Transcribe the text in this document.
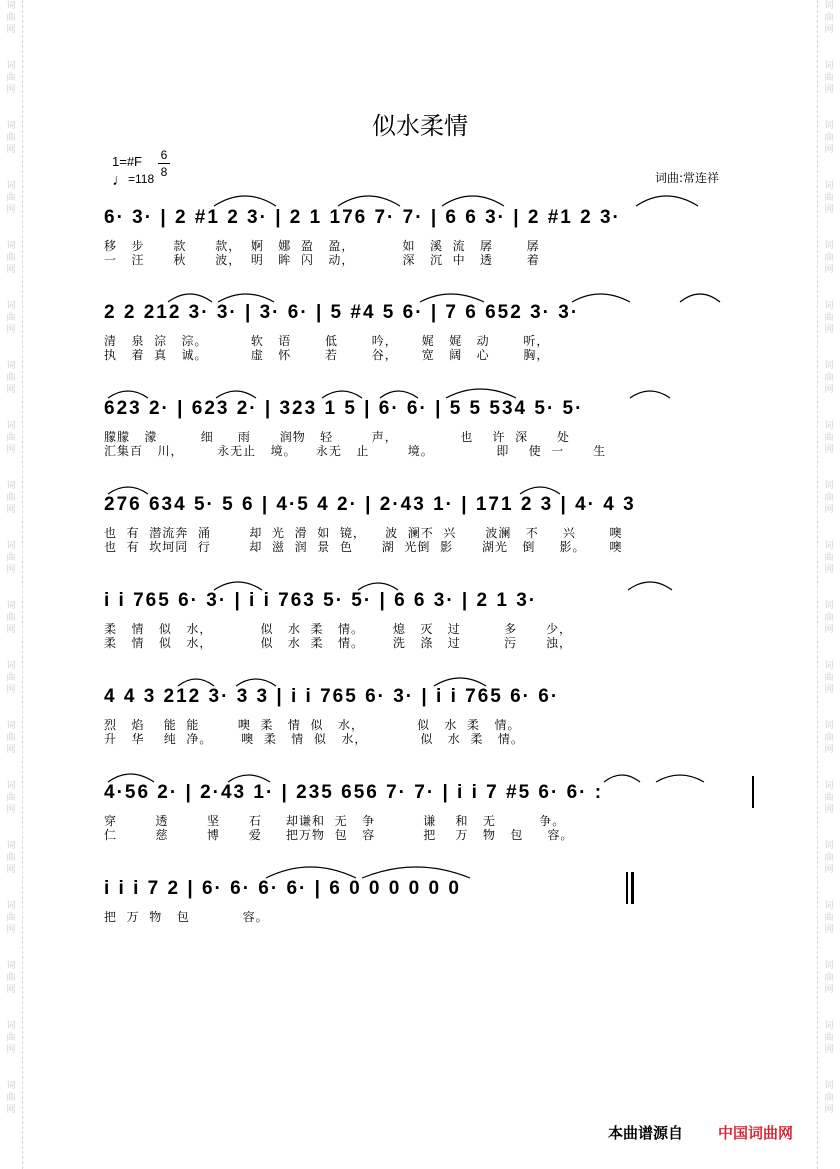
词
曲
网
词
曲
网
词
曲
网
词
曲
网
词
曲
网
词
曲
网
词
曲
网
词
曲
网
词
曲
网
词
曲
网
词
曲
网
词
曲
网
词
曲
网
词
曲
网
词
曲
网
词
曲
网
词
曲
网
词
曲
网
词
曲
网
词
曲
网
词
曲
网
词
曲
网
词
曲
网
词
曲
网
词
曲
网
词
曲
网
词
曲
网
词
曲
网
词
曲
网
词
曲
网
词
曲
网
词
曲
网
词
曲
网
词
曲
网
词
曲
网
词
曲
网
词
曲
网
词
曲
网
似水柔情
1=#F 6
8
♩=118	词曲:常连祥
6· 3· | 2 #1 2 3· | 2 1 176 7· 7· | 6 6 3· | 2 #1 2 3·
移   步      款      款，  婀   娜  盈   盈，          如   溪  流   孱       孱
一   汪      秋      波，  明   眸  闪   动，          深   沉  中   透       着
2 2 212 3· 3· | 3· 6· | 5 #4 5 6· | 7 6 652 3· 3·
清   泉  淙   淙。         软   语       低       吟，     娓   娓   动       听，
执   着  真   诚。         虚   怀       若       谷，     宽   阔   心       胸，
623 2· | 623 2· | 323 1 5 | 6· 6· | 5 5 534 5· 5·
朦朦   濛         细     雨      润物   轻        声，             也    许  深      处
汇集百   川，       永无止   境。    永无   止        境。             即    使  一      生
276 634 5· 5 6 | 4·5 4 2· | 2·43 1· | 171 2 3 | 4· 4 3
也  有  潜流奔  涌        却  光  滑  如  镜，    波  澜不  兴      波澜   不     兴       噢
也  有  坎坷同  行        却  滋  润  景  色      湖  光倒  影      湖光   倒     影。     噢
i i 765 6· 3· | i i 763 5· 5· | 6 6 3· | 2 1 3·
柔   情   似   水，          似   水  柔   情。      熄   灭   过         多      少，
柔   情   似   水，          似   水  柔   情。      洗   涤   过         污      浊，
4 4 3 212 3· 3 3 | i i 765 6· 3· | i i 765 6· 6·
烈   焰    能  能        噢  柔   情  似   水，           似   水  柔   情。
升   华    纯  净。      噢  柔   情  似   水，           似   水  柔   情。
4·56 2· | 2·43 1· | 235 656 7· 7· | i i 7 #5 6· 6· :
穿        透        坚      石     却谦和  无   争          谦    和   无         争。
仁        慈        博      爱     把万物  包   容          把    万   物   包     容。
i i i 7 2 | 6· 6· 6· 6· | 6 0 0 0 0 0 0
把  万  物   包           容。
本曲谱源自 中国词曲网
